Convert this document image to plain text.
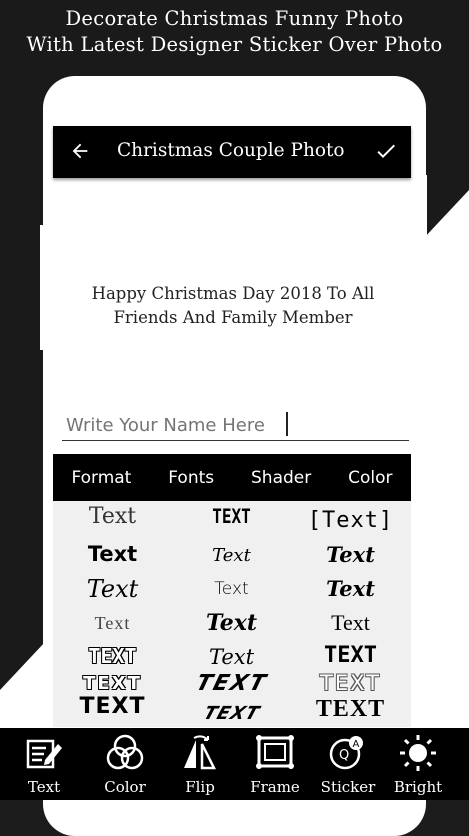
Decorate Christmas Funny Photo
With Latest Designer Sticker Over Photo
Christmas Couple Photo
Happy Christmas Day 2018 To All
Friends And Family Member
Write Your Name Here
Format Fonts Shader Color
Text	TEXT	[Text]
Text	Text	Text
Text	Text	Text
Text	Text	Text
TEXT	Text	TEXT
TEXT	TEXT	TEXT
TEXT	TEXT	TEXT
Text	Color	Flip	Frame
A
Q
Sticker	Bright
